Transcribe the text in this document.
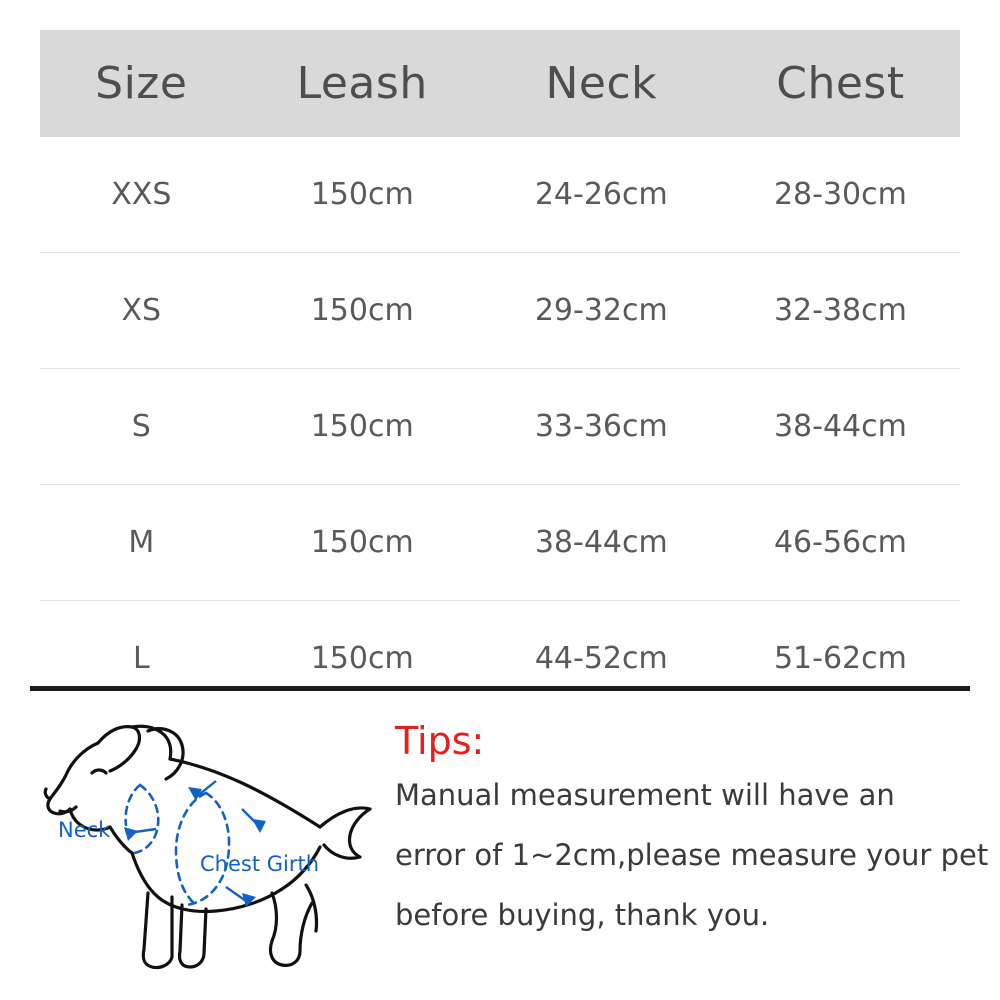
Size	Leash	Neck	Chest
XXS	150cm	24-26cm	28-30cm
XS	150cm	29-32cm	32-38cm
S	150cm	33-36cm	38-44cm
M	150cm	38-44cm	46-56cm
L	150cm	44-52cm	51-62cm
Neck
Chest Girth
Tips:
Manual measurement will have an
error of 1~2cm,please measure your pet
before buying, thank you.
